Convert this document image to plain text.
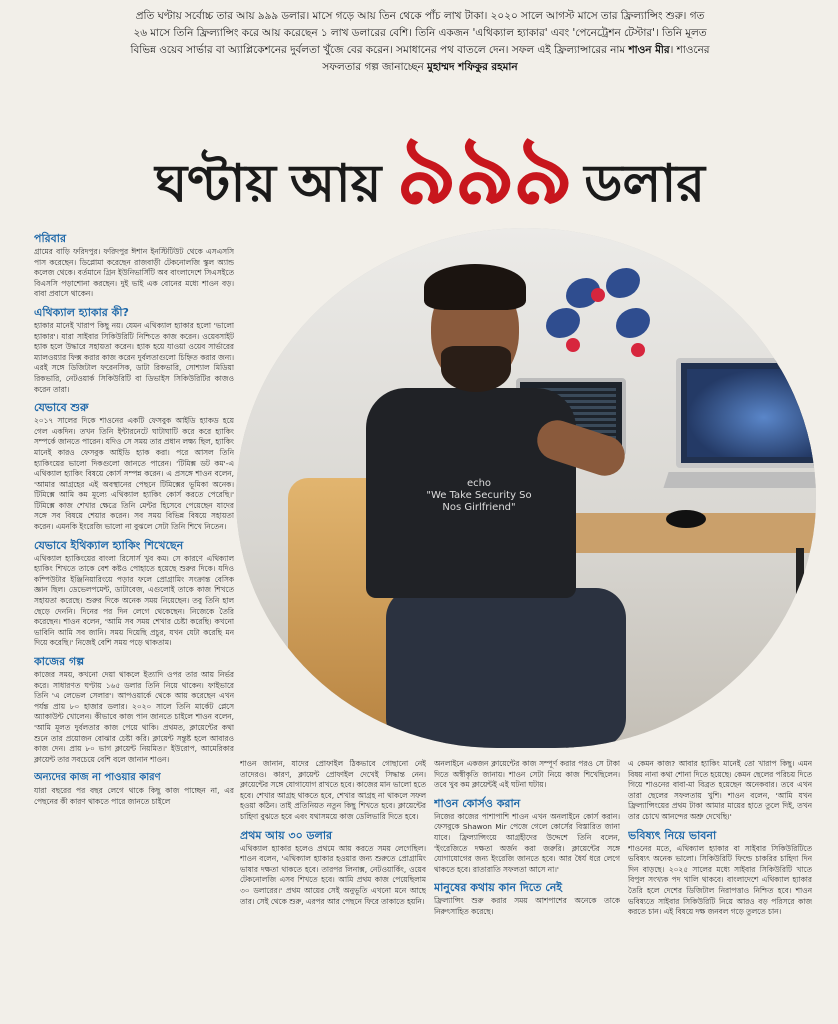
প্রতি ঘণ্টায় সর্বোচ্চ তার আয় ৯৯৯ ডলার। মাসে গড়ে আয় তিন থেকে পাঁচ লাখ টাকা। ২০২০ সালে আগস্ট মাসে তার ফ্রিল্যান্সিং শুরু। গত
২৬ মাসে তিনি ফ্রিল্যান্সিং করে আয় করেছেন ১ লাখ ডলারের বেশি। তিনি একজন 'এথিক্যাল হ্যাকার' এবং 'পেনেট্রেশন টেস্টার'। তিনি মূলত
বিভিন্ন ওয়েব সার্ভার বা অ্যাপ্লিকেশনের দুর্বলতা খুঁজে বের করেন। সমাধানের পথ বাতলে দেন। সফল এই ফ্রিল্যান্সারের নাম শাওন মীর। শাওনের
সফলতার গল্প জানাচ্ছেন মুহাম্মদ শফিকুর রহমান
ঘণ্টায় আয় ৯৯৯ ডলার
echo
"We Take Security So
Nos Girlfriend"
পরিবার
গ্রামের বাড়ি ফরিদপুর। ফরিদপুর ঈশান ইনস্টিটিউট থেকে এসএসসি পাস করেছেন। ডিপ্লোমা করেছেন রাজবাড়ী টেকনোলজি স্কুল অ্যান্ড কলেজ থেকে। বর্তমানে গ্রিন ইউনিভার্সিটি অব বাংলাদেশে সিএসইতে বিএসসি পড়াশোনা করছেন। দুই ভাই এক বোনের মধ্যে শাওন বড়। বাবা প্রবাসে থাকেন।
এথিক্যাল হ্যাকার কী?
হ্যাকার মানেই খারাপ কিছু নয়। যেমন এথিক্যাল হ্যাকার হলো 'ভালো হ্যাকার'। যারা সাইবার সিকিউরিটি নিশ্চিতে কাজ করেন। ওয়েবসাইট হ্যাক হলে উদ্ধারে সহায়তা করেন। হ্যাক হয়ে যাওয়া ওয়েব সার্ভারের ম্যালওয়্যার ফিক্স করার কাজ করেন দুর্বলতাগুলো চিহ্নিত করার জন্য। এরই সঙ্গে ডিজিটাল ফরেনসিক, ডাটা রিকভারি, সোশ্যাল মিডিয়া রিকভারি, নেটওয়ার্ক সিকিউরিটি বা ডিভাইস সিকিউরিটির কাজও করেন তারা।
যেভাবে শুরু
২০১৭ সালের দিকে শাওনের একটি ফেসবুক আইডি হ্যাকড হয়ে গেল একদিন। তখন তিনি ইন্টারনেটে ঘাটাঘাটি করে করে হ্যাকিং সম্পর্কে জানতে পারেন। যদিও সে সময় তার প্রধান লক্ষ্য ছিল, হ্যাকিং মানেই কারও ফেসবুক আইডি হ্যাক করা। পরে আসল তিনি হ্যাকিংয়ের ভালো দিকগুলো জানতে পারেন। 'টিমিক্স ডট কম'-এ এথিক্যাল হ্যাকিং বিষয়ে কোর্স সম্পন্ন করেন। এ প্রসঙ্গে শাওন বলেন, 'আমার আগ্রহের এই অবস্থানের পেছনে টিমিক্সের ভূমিকা অনেক। টিমিক্সে আমি কম মূল্যে এথিক্যাল হ্যাকিং কোর্স করতে পেরেছি।' টিমিক্সে কাজ শেখার ক্ষেত্রে তিনি মেন্টর হিসেবে পেয়েছেন যাদের সঙ্গে সব বিষয়ে শেয়ার করেন। সব সময় বিভিন্ন বিষয়ে সহায়তা করেন। এমনকি ইংরেজি ভালো না বুঝলে সেটা তিনি শিখে নিতেন।
যেভাবে ইথিক্যাল হ্যাকিং শিখেছেন
এথিক্যাল হ্যাকিংয়ের বাংলা রিসোর্স খুব কম। সে কারণে এথিক্যাল হ্যাকিং শিখতে তাকে বেশ কষ্টও পোহাতে হয়েছে শুরুর দিকে। যদিও কম্পিউটার ইঞ্জিনিয়ারিংয়ে পড়ার ফলে প্রোগ্রামিং সংক্রান্ত বেসিক জ্ঞান ছিল। ডেভেলপমেন্ট, ডাটাবেজ, এগুলোই তাকে কাজ শিখতে সহায়তা করেছে। শুরুর দিকে অনেক সময় নিয়েছেন। তবু তিনি হাল ছেড়ে দেননি। দিনের পর দিন লেগে থেকেছেন। নিজেকে তৈরি করেছেন। শাওন বলেন, 'আমি সব সময় শেখার চেষ্টা করেছি। কখনো ভাবিনি আমি সব জানি। সময় দিয়েছি প্রচুর, যখন যেটা করেছি মন দিয়ে করেছি।' নিজেই বেশি সময় পড়ে থাকতাম।
কাজের গল্প
কাজের সময়, কখনো দেয়া থাকলে ইত্যাদি ওপর তার আয় নির্ভর করে। সাধারণত ঘণ্টায় ১৬৫ ডলার তিনি নিয়ে থাকেন। ফাইভারে তিনি 'এ লেভেল সেলার'। আপওয়ার্কে থেকে আয় করেছেন এখন পর্যন্ত প্রায় ৮০ হাজার ডলার। ২০২০ সালে তিনি মার্কেট প্লেসে অ্যাকাউন্ট খোলেন। কীভাবে কাজ পান জানতে চাইলে শাওন বলেন, 'আমি মূলত দুর্বলতার কাজ পেয়ে থাকি। প্রথমত, ক্লায়েন্টের কথা শুনে তার প্রয়োজন বোঝার চেষ্টা করি। ক্লায়েন্ট সন্তুষ্ট হলে আবারও কাজ দেন। প্রায় ৮০ ভাগ ক্লায়েন্ট নিয়মিত।' ইউরোপ, আমেরিকার ক্লায়েন্ট তার সবচেয়ে বেশি বলে জানান শাওন।
অন্যদের কাজ না পাওয়ার কারণ
যারা বছরের পর বছর লেগে থাকে কিছু কাজ পাচ্ছেন না, এর পেছনের কী কারণ থাকতে পারে জানতে চাইলে
শাওন জানান, যাদের প্রোফাইল ঠিকভাবে গোছানো নেই তাদেরও। কারণ, ক্লায়েন্ট প্রোফাইল দেখেই সিদ্ধান্ত নেন। ক্লায়েন্টের সঙ্গে যোগাযোগ রাখতে হবে। কাজের মান ভালো হতে হবে। শেখার আগ্রহ থাকতে হবে, শেখার আগ্রহ না থাকলে সফল হওয়া কঠিন। তাই প্রতিনিয়ত নতুন কিছু শিখতে হবে। ক্লায়েন্টের চাহিদা বুঝতে হবে এবং যথাসময়ে কাজ ডেলিভারি দিতে হবে।
প্রথম আয় ৩০ ডলার
এথিক্যাল হ্যাকার হলেও প্রথমে আয় করতে সময় লেগেছিল। শাওন বলেন, 'এথিক্যাল হ্যাকার হওয়ার জন্য শুরুতে প্রোগ্রামিং ভাষার দক্ষতা থাকতে হবে। তারপর লিনাক্স, নেটওয়ার্কিং, ওয়েব টেকনোলজি এসব শিখতে হবে। আমি প্রথম কাজ পেয়েছিলাম ৩০ ডলারের।' প্রথম আয়ের সেই অনুভূতি এখনো মনে আছে তার। সেই থেকে শুরু, এরপর আর পেছনে ফিরে তাকাতে হয়নি।
অনলাইনে একজন ক্লায়েন্টের কাজ সম্পূর্ণ করার পরও সে টাকা দিতে অস্বীকৃতি জানায়। শাওন সেটা নিয়ে কাজ শিখেছিলেন। তবে খুব কম ক্লায়েন্টই এই ঘটনা ঘটায়।
শাওন কোর্সও করান
নিজের কাজের পাশাপাশি শাওন এখন অনলাইনে কোর্স করান। ফেসবুকে Shawon Mir পেজে গেলে কোর্সের বিস্তারিত জানা যাবে। ফ্রিল্যান্সিংয়ে আগ্রহীদের উদ্দেশে তিনি বলেন, 'ইংরেজিতে দক্ষতা অর্জন করা জরুরি। ক্লায়েন্টের সঙ্গে যোগাযোগের জন্য ইংরেজি জানতে হবে। আর ধৈর্য ধরে লেগে থাকতে হবে। রাতারাতি সফলতা আসে না।'
মানুষের কথায় কান দিতে নেই
ফ্রিল্যান্সিং শুরু করার সময় আশপাশের অনেকে তাকে নিরুৎসাহিত করেছে।
এ কেমন কাজ? আবার হ্যাকিং মানেই তো খারাপ কিছু। এমন বিষয় নানা কথা শোনা দিতে হয়েছে। কেমন ছেলের পরিচয় দিতে গিয়ে শাওনের বাবা-মা বিব্রত হয়েছেন অনেকবার। তবে এখন তারা ছেলের সফলতায় খুশি। শাওন বলেন, 'আমি যখন ফ্রিল্যান্সিংয়ের প্রথম টাকা আমার মায়ের হাতে তুলে দিই, তখন তার চোখে আনন্দের অশ্রু দেখেছি।'
ভবিষ্যৎ নিয়ে ভাবনা
শাওনের মতে, এথিক্যাল হ্যাকার বা সাইবার সিকিউরিটিতে ভবিষ্যৎ অনেক ভালো। সিকিউরিটি ফিল্ডে চাকরির চাহিদা দিন দিন বাড়ছে। ২০২৫ সালের মধ্যে সাইবার সিকিউরিটি খাতে বিপুল সংখ্যক পদ খালি থাকবে। বাংলাদেশে এথিক্যাল হ্যাকার তৈরি হলে দেশের ডিজিটাল নিরাপত্তাও নিশ্চিত হবে। শাওন ভবিষ্যতে সাইবার সিকিউরিটি নিয়ে আরও বড় পরিসরে কাজ করতে চান। এই বিষয়ে দক্ষ জনবল গড়ে তুলতে চান।
